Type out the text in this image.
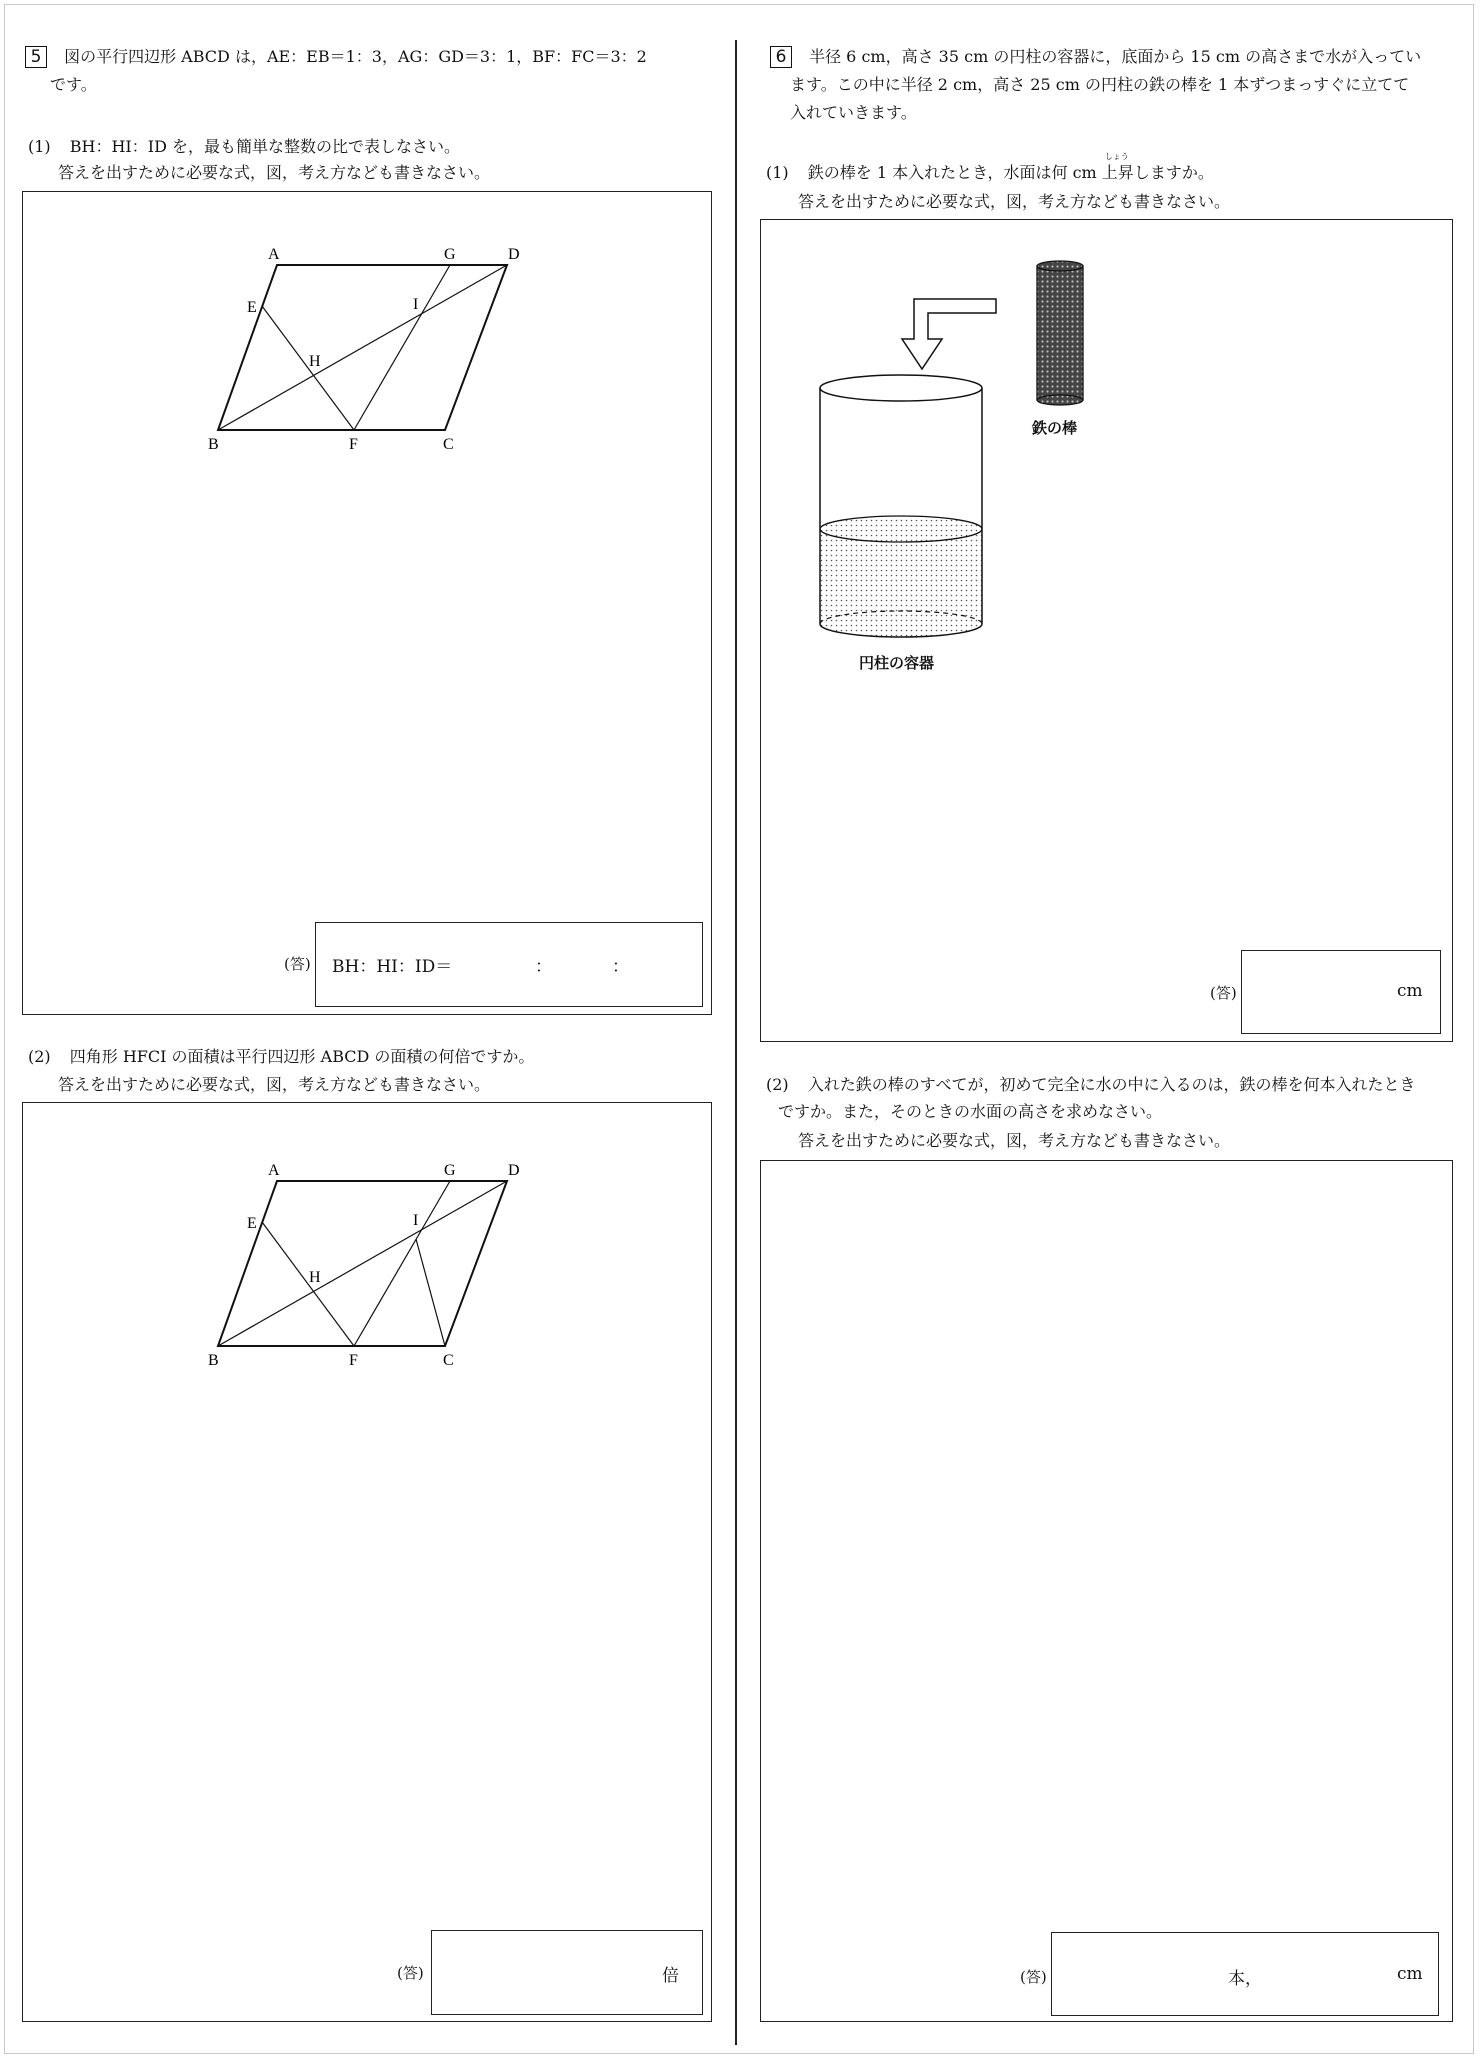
5 図の平行四辺形 ABCD は，AE：EB＝1：3，AG：GD＝3：1，BF：FC＝3：2
です。
(1) BH：HI：ID を，最も簡単な整数の比で表しなさい。
答えを出すために必要な式，図，考え方なども書きなさい。
A	G	D
E	I
H
B	F	C
(答) BH：HI：ID＝	：	：
(2) 四角形 HFCI の面積は平行四辺形 ABCD の面積の何倍ですか。
答えを出すために必要な式，図，考え方なども書きなさい。
A	G	D
E	I
H
B	F	C
(答)	倍
6 半径 6 cm，高さ 35 cm の円柱の容器に，底面から 15 cm の高さまで水が入ってい
ます。この中に半径 2 cm，高さ 25 cm の円柱の鉄の棒を 1 本ずつまっすぐに立てて
入れていきます。
(1) 鉄の棒を 1 本入れたとき，水面は何 cm
しょう
上昇しますか。
答えを出すために必要な式，図，考え方なども書きなさい。
鉄の棒
円柱の容器
(答)	cm
(2) 入れた鉄の棒のすべてが，初めて完全に水の中に入るのは，鉄の棒を何本入れたとき
ですか。また，そのときの水面の高さを求めなさい。
答えを出すために必要な式，図，考え方なども書きなさい。
(答)	本，	cm
